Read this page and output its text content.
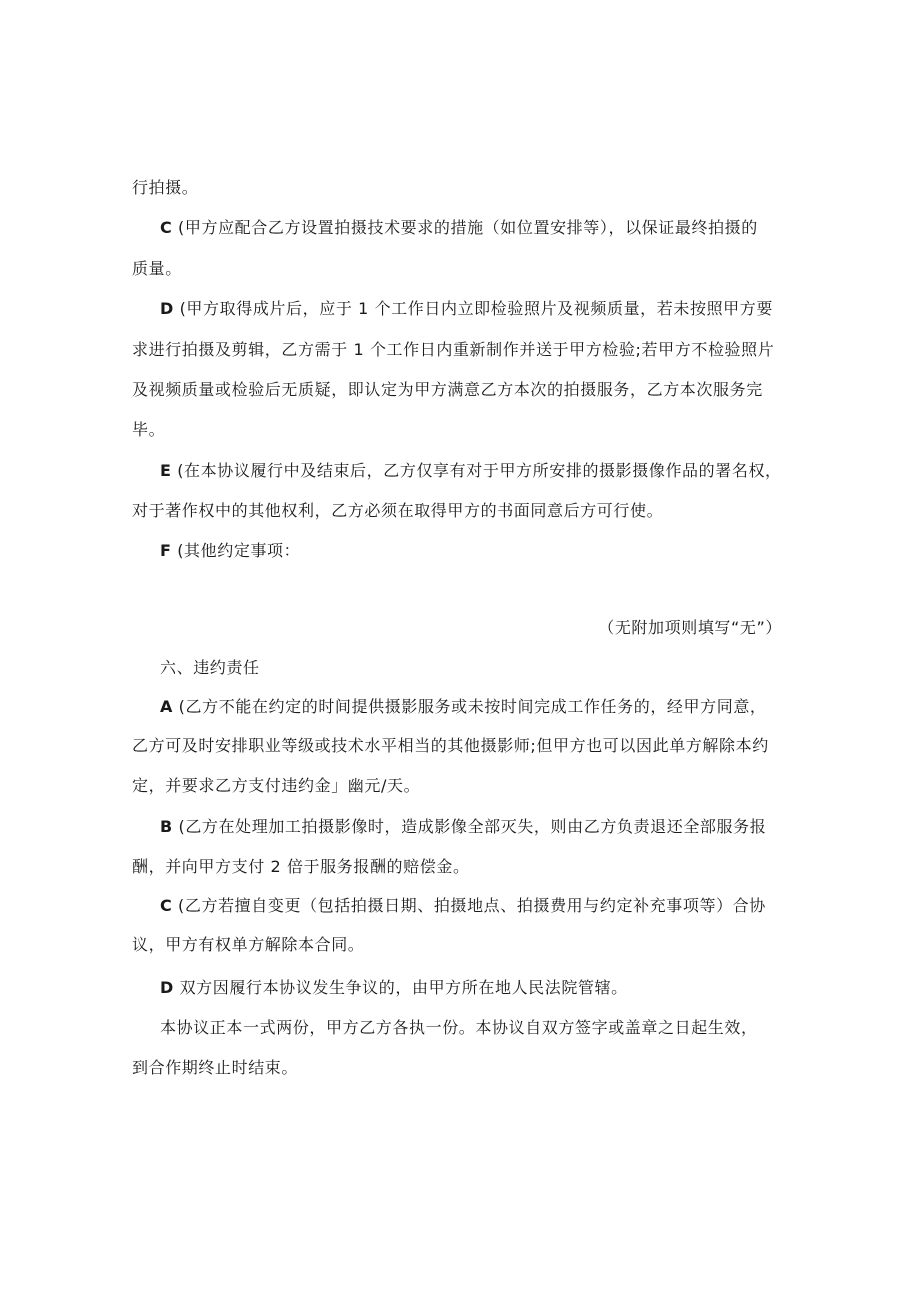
行拍摄。
C (甲方应配合乙方设置拍摄技术要求的措施（如位置安排等），以保证最终拍摄的
质量。
D (甲方取得成片后，应于 1 个工作日内立即检验照片及视频质量，若未按照甲方要
求进行拍摄及剪辑，乙方需于 1 个工作日内重新制作并送于甲方检验;若甲方不检验照片
及视频质量或检验后无质疑，即认定为甲方满意乙方本次的拍摄服务，乙方本次服务完
毕。
E (在本协议履行中及结束后，乙方仅享有对于甲方所安排的摄影摄像作品的署名权，
对于著作权中的其他权利，乙方必须在取得甲方的书面同意后方可行使。
F (其他约定事项：
（无附加项则填写“无”）
六、违约责任
A (乙方不能在约定的时间提供摄影服务或未按时间完成工作任务的，经甲方同意，
乙方可及时安排职业等级或技术水平相当的其他摄影师;但甲方也可以因此单方解除本约
定，并要求乙方支付违约金」幽元/天。
B (乙方在处理加工拍摄影像时，造成影像全部灭失，则由乙方负责退还全部服务报
酬，并向甲方支付 2 倍于服务报酬的赔偿金。
C (乙方若擅自变更（包括拍摄日期、拍摄地点、拍摄费用与约定补充事项等）合协
议，甲方有权单方解除本合同。
D 双方因履行本协议发生争议的，由甲方所在地人民法院管辖。
本协议正本一式两份，甲方乙方各执一份。本协议自双方签字或盖章之日起生效，
到合作期终止时结束。
